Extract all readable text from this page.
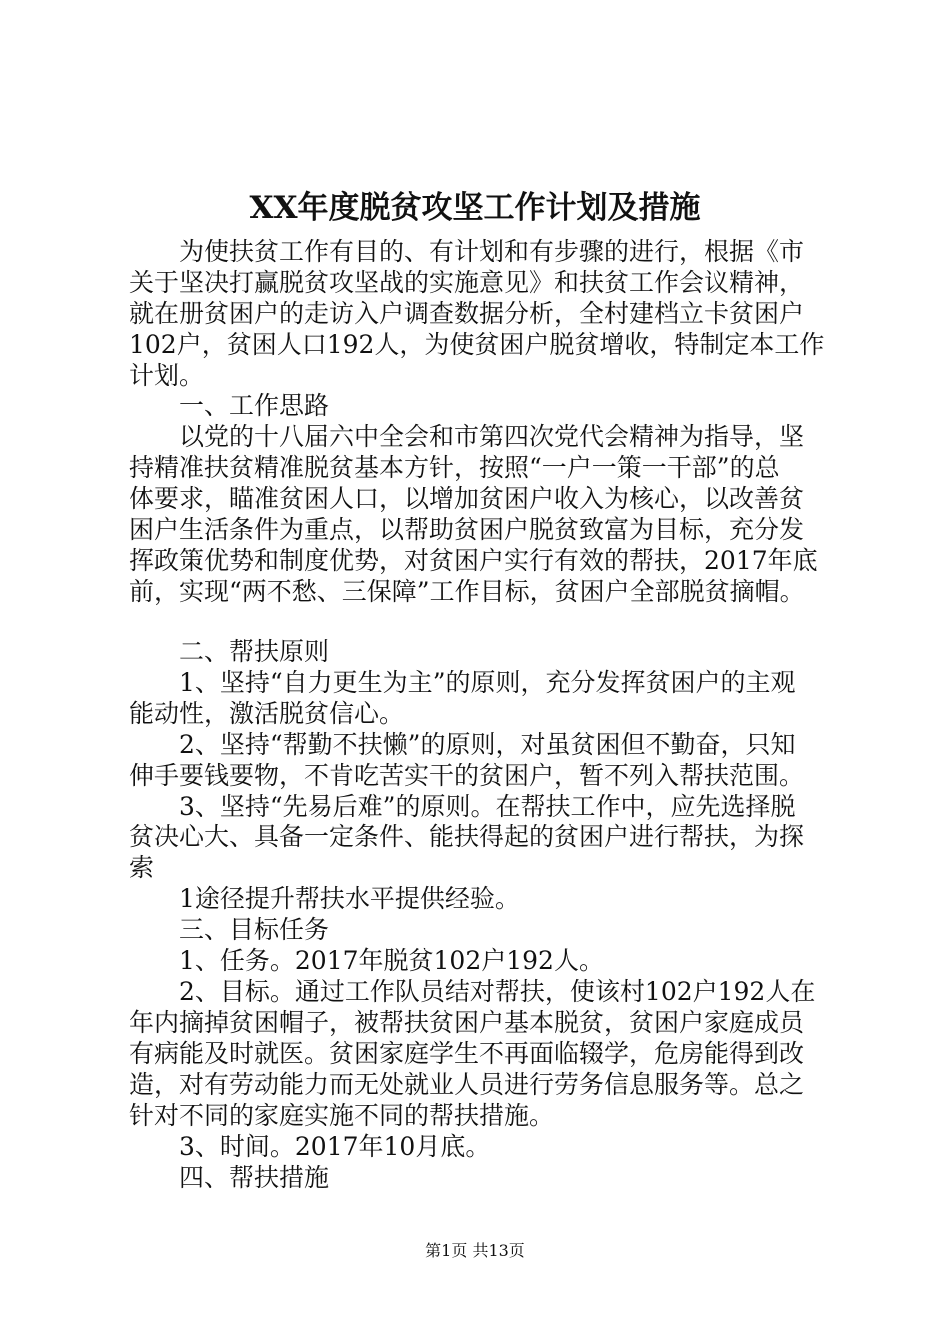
XX年度脱贫攻坚工作计划及措施
　　为使扶贫工作有目的、有计划和有步骤的进行，根据《市
关于坚决打赢脱贫攻坚战的实施意见》和扶贫工作会议精神，
就在册贫困户的走访入户调查数据分析，全村建档立卡贫困户
102户，贫困人口192人，为使贫困户脱贫增收，特制定本工作
计划。
　　一、工作思路
　　以党的十八届六中全会和市第四次党代会精神为指导，坚
持精准扶贫精准脱贫基本方针，按照“一户一策一干部”的总
体要求，瞄准贫困人口，以增加贫困户收入为核心，以改善贫
困户生活条件为重点，以帮助贫困户脱贫致富为目标，充分发
挥政策优势和制度优势，对贫困户实行有效的帮扶，2017年底
前，实现“两不愁、三保障”工作目标，贫困户全部脱贫摘帽。
　　二、帮扶原则
　　1、坚持“自力更生为主”的原则，充分发挥贫困户的主观
能动性，激活脱贫信心。
　　2、坚持“帮勤不扶懒”的原则，对虽贫困但不勤奋，只知
伸手要钱要物，不肯吃苦实干的贫困户，暂不列入帮扶范围。
　　3、坚持“先易后难”的原则。在帮扶工作中，应先选择脱
贫决心大、具备一定条件、能扶得起的贫困户进行帮扶，为探
索
　　1途径提升帮扶水平提供经验。
　　三、目标任务
　　1、任务。2017年脱贫102户192人。
　　2、目标。通过工作队员结对帮扶，使该村102户192人在
年内摘掉贫困帽子，被帮扶贫困户基本脱贫，贫困户家庭成员
有病能及时就医。贫困家庭学生不再面临辍学，危房能得到改
造，对有劳动能力而无处就业人员进行劳务信息服务等。总之
针对不同的家庭实施不同的帮扶措施。
　　3、时间。2017年10月底。
　　四、帮扶措施
第1页 共13页
